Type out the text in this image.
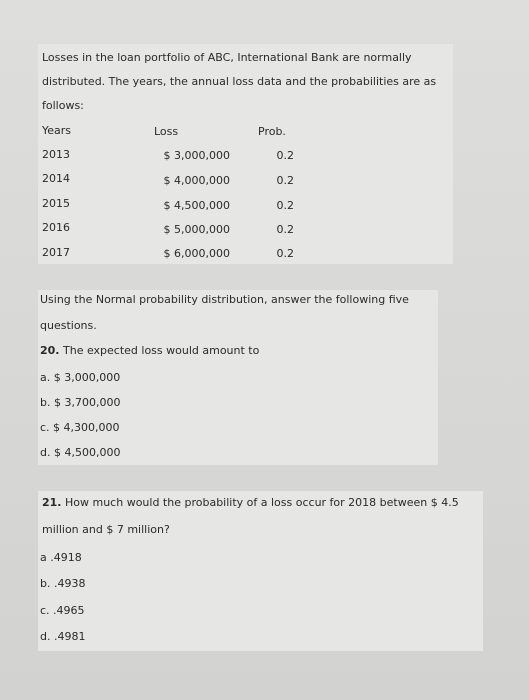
Losses in the loan portfolio of ABC, International Bank are normally
distributed. The years, the annual loss data and the probabilities are as
follows:
Years	Loss	Prob.
2013	$ 3,000,000	0.2
2014	$ 4,000,000	0.2
2015	$ 4,500,000	0.2
2016	$ 5,000,000	0.2
2017	$ 6,000,000	0.2
Using the Normal probability distribution, answer the following five
questions.
20. The expected loss would amount to
a. $ 3,000,000
b. $ 3,700,000
c. $ 4,300,000
d. $ 4,500,000
21. How much would the probability of a loss occur for 2018 between $ 4.5
million and $ 7 million?
a .4918
b. .4938
c. .4965
d. .4981
